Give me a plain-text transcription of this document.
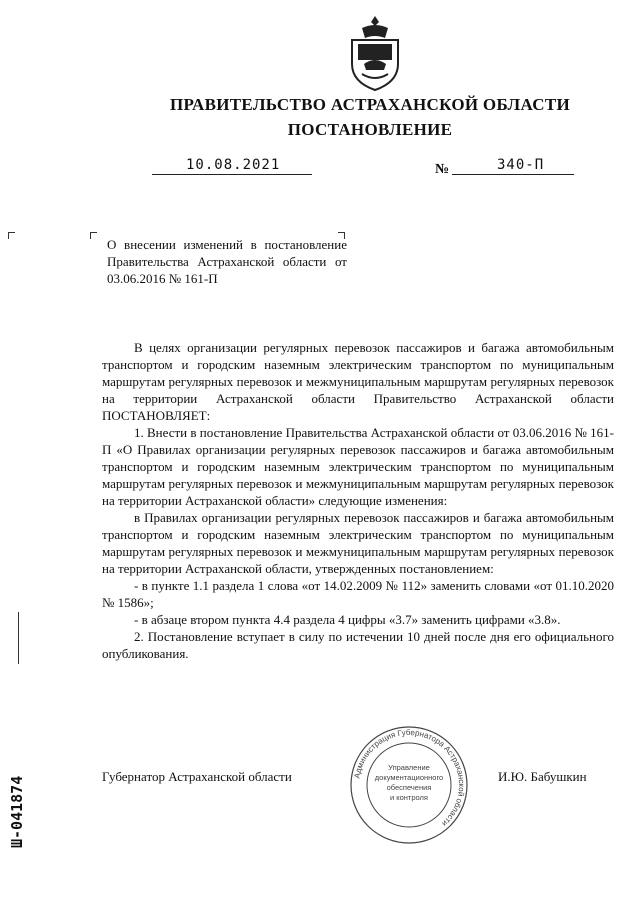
ПРАВИТЕЛЬСТВО АСТРАХАНСКОЙ ОБЛАСТИ
ПОСТАНОВЛЕНИЕ
10.08.2021	№	340-П
О внесении изменений в постановление Правительства Астраханской области от 03.06.2016 № 161-П

В целях организации регулярных перевозок пассажиров и багажа автомобильным транспортом и городским наземным электрическим транспортом по муниципальным маршрутам регулярных перевозок и межмуниципальным маршрутам регулярных перевозок на территории Астраханской области Правительство Астраханской области ПОСТАНОВЛЯЕТ:

1. Внести в постановление Правительства Астраханской области от 03.06.2016 № 161-П «О Правилах организации регулярных перевозок пассажиров и багажа автомобильным транспортом и городским наземным электрическим транспортом по муниципальным маршрутам регулярных перевозок и межмуниципальным маршрутам регулярных перевозок на территории Астраханской области» следующие изменения:

в Правилах организации регулярных перевозок пассажиров и багажа автомобильным транспортом и городским наземным электрическим транспортом по муниципальным маршрутам регулярных перевозок и межмуниципальным маршрутам регулярных перевозок на территории Астраханской области, утвержденных постановлением:

- в пункте 1.1 раздела 1 слова «от 14.02.2009 № 112» заменить словами «от 01.10.2020 № 1586»;

- в абзаце втором пункта 4.4 раздела 4 цифры «3.7» заменить цифрами «3.8».

2. Постановление вступает в силу по истечении 10 дней после дня его официального опубликования.

Губернатор Астраханской области	И.Ю. Бабушкин
Администрация Губернатора Астраханской области
Управление
документационного
обеспечения
и контроля
Ш-041874
